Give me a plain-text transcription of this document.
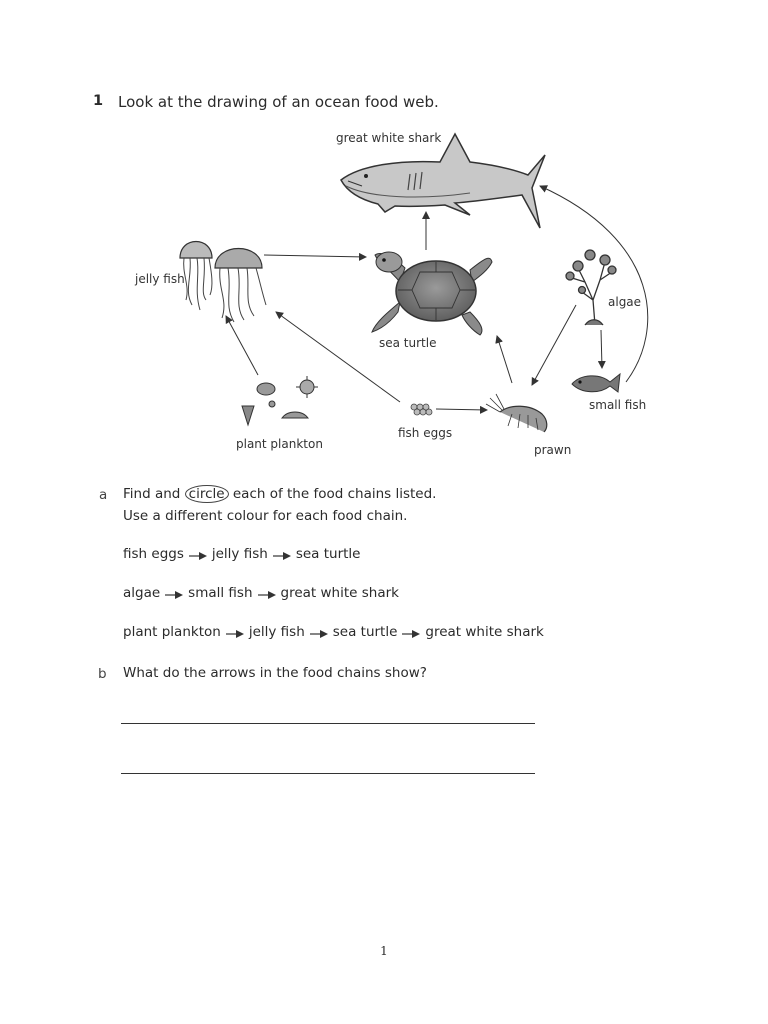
1 Look at the drawing of an ocean food web.
great white shark
jelly fish
sea turtle
algae
small fish
plant plankton
fish eggs
prawn
a Find and circle each of the food chains listed.
Use a different colour for each food chain.
fish eggs jelly fish sea turtle
algae small fish great white shark
plant plankton jelly fish sea turtle great white shark
b What do the arrows in the food chains show?
1
